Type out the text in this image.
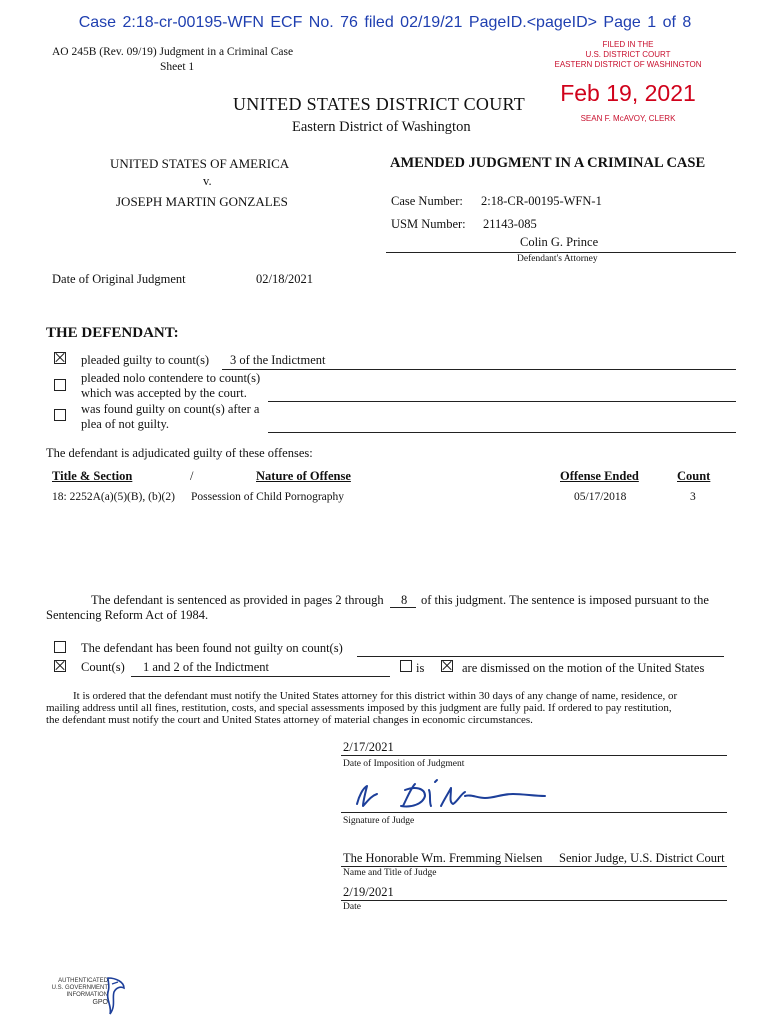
Case 2:18-cr-00195-WFN ECF No. 76 filed 02/19/21 PageID.<pageID> Page 1 of 8
AO 245B (Rev. 09/19) Judgment in a Criminal Case
Sheet 1
FILED IN THE
U.S. DISTRICT COURT
EASTERN DISTRICT OF WASHINGTON
Feb 19, 2021
SEAN F. McAVOY, CLERK
UNITED STATES DISTRICT COURT
Eastern District of Washington
UNITED STATES OF AMERICA
v.
JOSEPH MARTIN GONZALES
AMENDED JUDGMENT IN A CRIMINAL CASE
Case Number: 2:18-CR-00195-WFN-1
USM Number: 21143-085
Colin G. Prince
Defendant's Attorney
Date of Original Judgment	02/18/2021
THE DEFENDANT:
pleaded guilty to count(s) 3 of the Indictment
pleaded nolo contendere to count(s)
which was accepted by the court.
was found guilty on count(s) after a
plea of not guilty.
The defendant is adjudicated guilty of these offenses:
Title & Section	/	Nature of Offense	Offense Ended	Count
18: 2252A(a)(5)(B), (b)(2) Possession of Child Pornography	05/17/2018	3
The defendant is sentenced as provided in pages 2 through 8 of this judgment. The sentence is imposed pursuant to the
Sentencing Reform Act of 1984.
The defendant has been found not guilty on count(s)
Count(s) 1 and 2 of the Indictment	is	are dismissed on the motion of the United States
It is ordered that the defendant must notify the United States attorney for this district within 30 days of any change of name, residence, or
mailing address until all fines, restitution, costs, and special assessments imposed by this judgment are fully paid. If ordered to pay restitution,
the defendant must notify the court and United States attorney of material changes in economic circumstances.
2/17/2021
Date of Imposition of Judgment
Signature of Judge
The Honorable Wm. Fremming Nielsen Senior Judge, U.S. District Court
Name and Title of Judge
2/19/2021
Date
AUTHENTICATED
U.S. GOVERNMENT
INFORMATION
GPO
